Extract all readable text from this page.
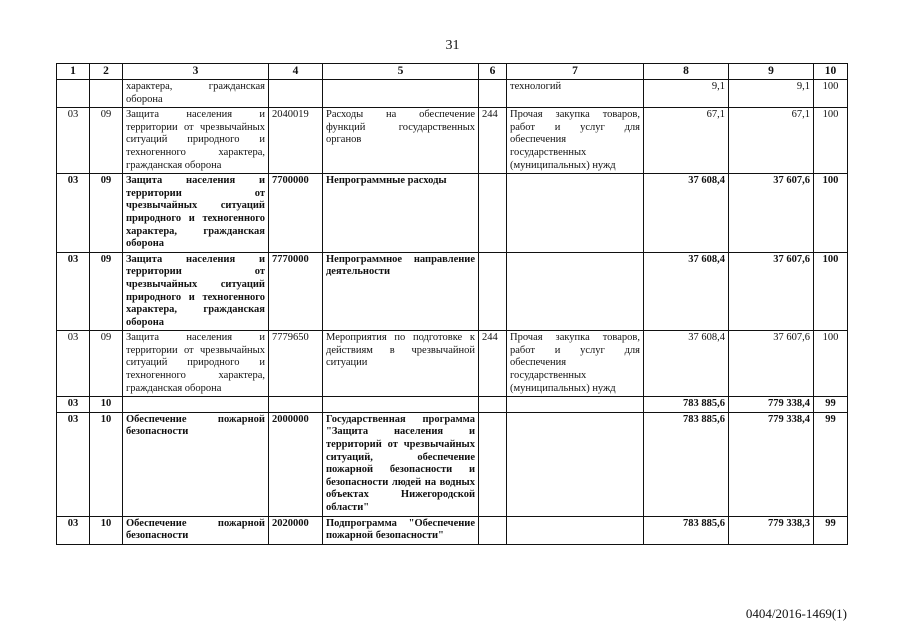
31
1	2	3	4	5	6	7	8	9	10
		характера, гражданская оборона				технологий	9,1	9,1	100
03	09	Защита населения и территории от чрезвычайных ситуаций природного и техногенного характера, гражданская оборона	2040019	Расходы на обеспечение функций государственных органов	244	Прочая закупка товаров, работ и услуг для обеспечения государственных (муниципальных) нужд	67,1	67,1	100
03	09	Защита населения и территории от чрезвычайных ситуаций природного и техногенного характера, гражданская оборона	7700000	Непрограммные расходы			37 608,4	37 607,6	100
03	09	Защита населения и территории от чрезвычайных ситуаций природного и техногенного характера, гражданская оборона	7770000	Непрограммное направление деятельности			37 608,4	37 607,6	100
03	09	Защита населения и территории от чрезвычайных ситуаций природного и техногенного характера, гражданская оборона	7779650	Мероприятия по подготовке к действиям в чрезвычайной ситуации	244	Прочая закупка товаров, работ и услуг для обеспечения государственных (муниципальных) нужд	37 608,4	37 607,6	100
03	10						783 885,6	779 338,4	99
03	10	Обеспечение пожарной безопасности	2000000	Государственная программа "Защита населения и территорий от чрезвычайных ситуаций, обеспечение пожарной безопасности и безопасности людей на водных объектах Нижегородской области"			783 885,6	779 338,4	99
03	10	Обеспечение пожарной безопасности	2020000	Подпрограмма "Обеспечение пожарной безопасности"			783 885,6	779 338,3	99
0404/2016-1469(1)
